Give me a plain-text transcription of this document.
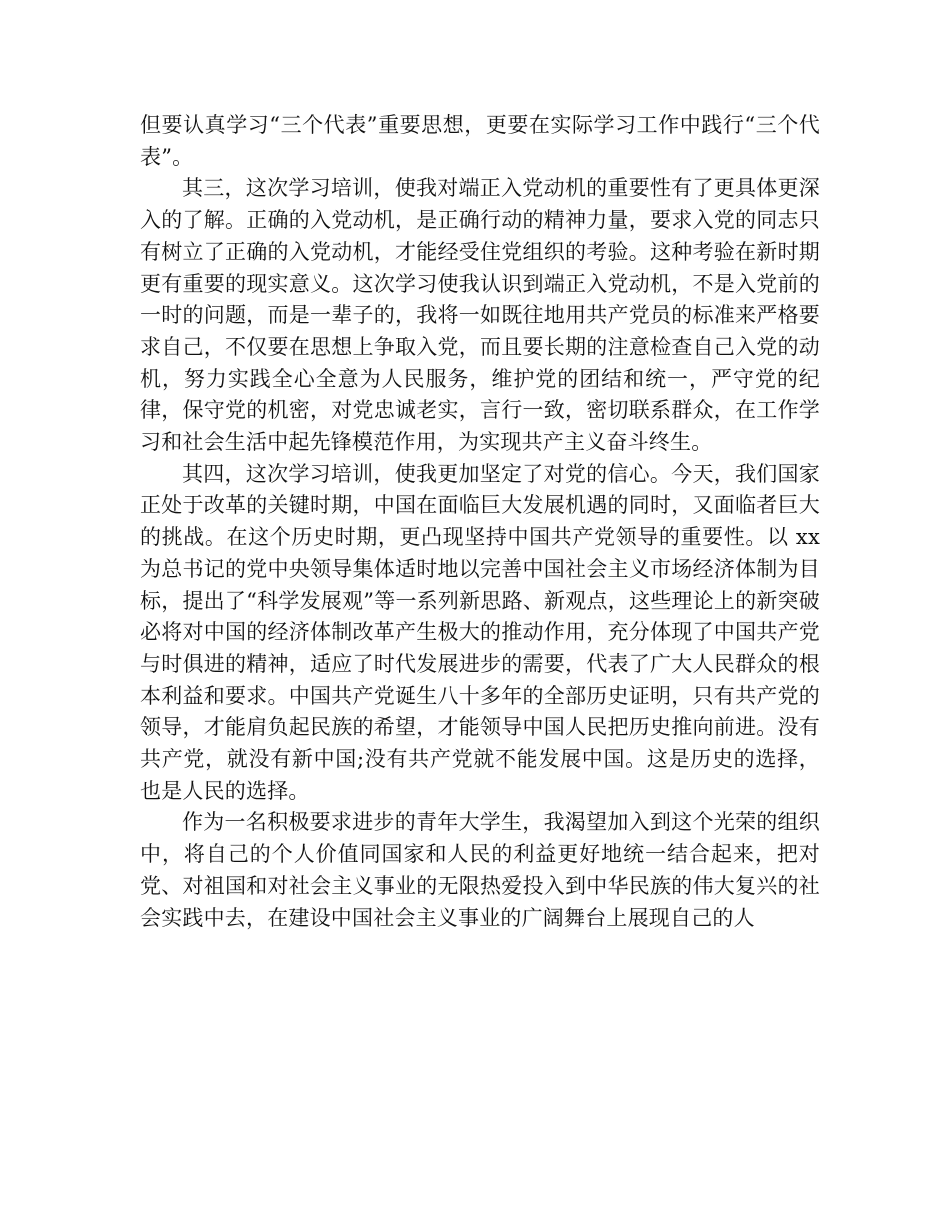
但要认真学习“三个代表”重要思想，更要在实际学习工作中践行“三个代表”。

其三，这次学习培训，使我对端正入党动机的重要性有了更具体更深入的了解。正确的入党动机，是正确行动的精神力量，要求入党的同志只有树立了正确的入党动机，才能经受住党组织的考验。这种考验在新时期更有重要的现实意义。这次学习使我认识到端正入党动机，不是入党前的一时的问题，而是一辈子的，我将一如既往地用共产党员的标准来严格要求自己，不仅要在思想上争取入党，而且要长期的注意检查自己入党的动机，努力实践全心全意为人民服务，维护党的团结和统一，严守党的纪律，保守党的机密，对党忠诚老实，言行一致，密切联系群众，在工作学习和社会生活中起先锋模范作用，为实现共产主义奋斗终生。

其四，这次学习培训，使我更加坚定了对党的信心。今天，我们国家正处于改革的关键时期，中国在面临巨大发展机遇的同时，又面临者巨大的挑战。在这个历史时期，更凸现坚持中国共产党领导的重要性。以 xx 为总书记的党中央领导集体适时地以完善中国社会主义市场经济体制为目标，提出了“科学发展观”等一系列新思路、新观点，这些理论上的新突破必将对中国的经济体制改革产生极大的推动作用，充分体现了中国共产党与时俱进的精神，适应了时代发展进步的需要，代表了广大人民群众的根本利益和要求。中国共产党诞生八十多年的全部历史证明，只有共产党的领导，才能肩负起民族的希望，才能领导中国人民把历史推向前进。没有共产党，就没有新中国;没有共产党就不能发展中国。这是历史的选择，也是人民的选择。

作为一名积极要求进步的青年大学生，我渴望加入到这个光荣的组织中，将自己的个人价值同国家和人民的利益更好地统一结合起来，把对党、对祖国和对社会主义事业的无限热爱投入到中华民族的伟大复兴的社会实践中去，在建设中国社会主义事业的广阔舞台上展现自己的人
